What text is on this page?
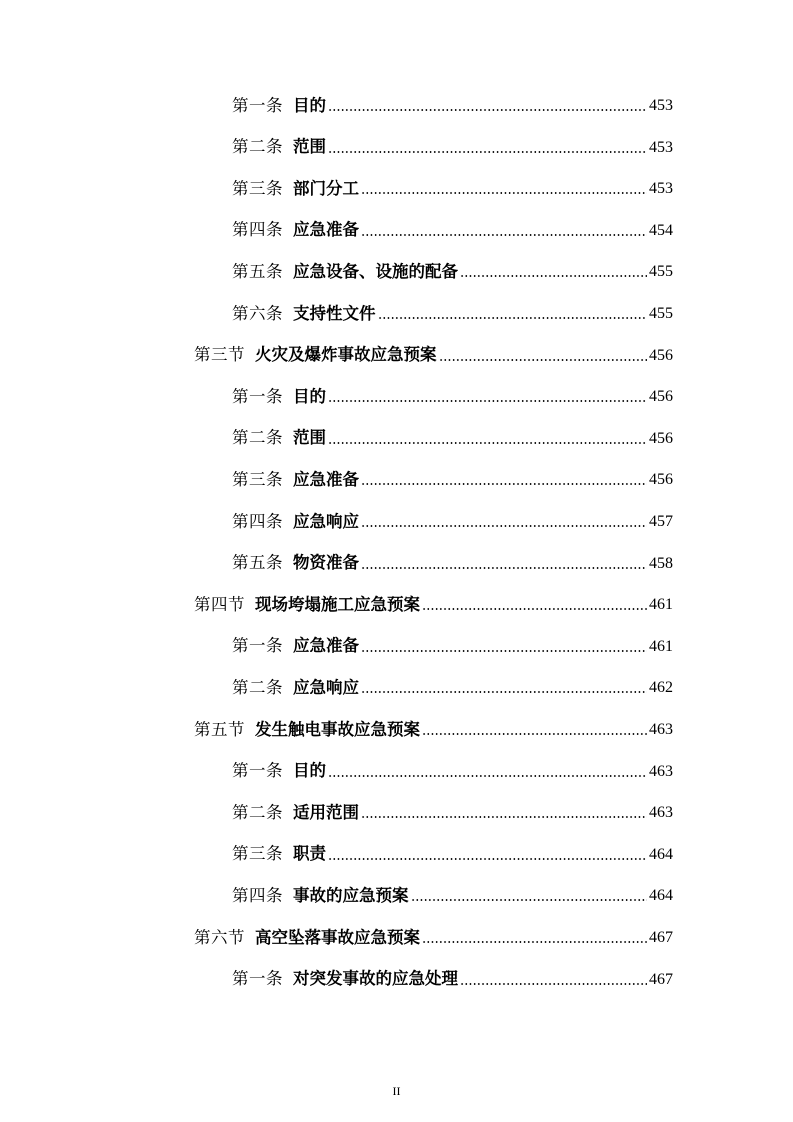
第一条 目的	453
第二条 范围	453
第三条 部门分工	453
第四条 应急准备	454
第五条 应急设备、设施的配备	455
第六条 支持性文件	455
第三节 火灾及爆炸事故应急预案	456
第一条 目的	456
第二条 范围	456
第三条 应急准备	456
第四条 应急响应	457
第五条 物资准备	458
第四节 现场垮塌施工应急预案	461
第一条 应急准备	461
第二条 应急响应	462
第五节 发生触电事故应急预案	463
第一条 目的	463
第二条 适用范围	463
第三条 职责	464
第四条 事故的应急预案	464
第六节 高空坠落事故应急预案	467
第一条 对突发事故的应急处理	467
II
